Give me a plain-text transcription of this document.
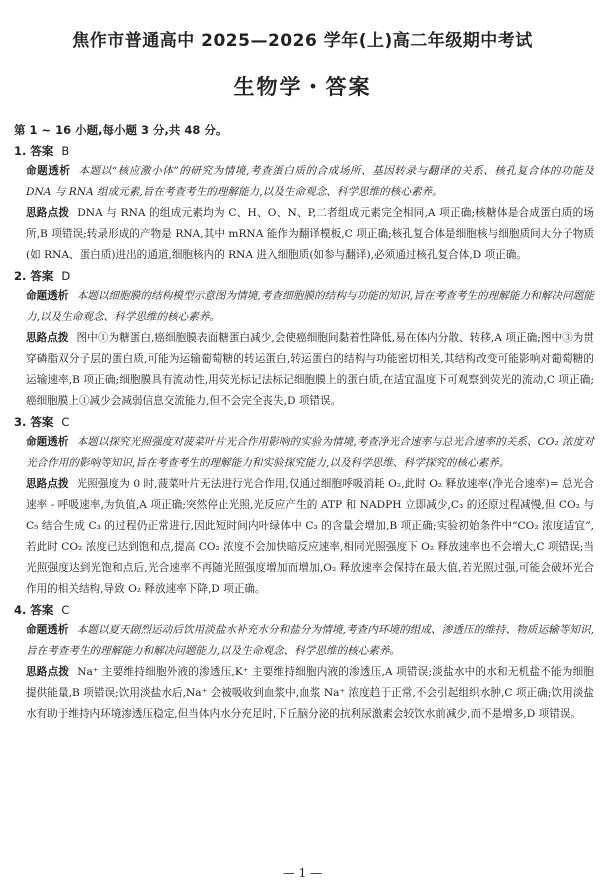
焦作市普通高中 2025—2026 学年(上)高二年级期中考试
生物学・答案
第 1 ~ 16 小题,每小题 3 分,共 48 分。

1. 答案 B

命题透析 本题以“核应激小体”的研究为情境,考查蛋白质的合成场所、基因转录与翻译的关系、核孔复合体的功能及 DNA 与 RNA 组成元素,旨在考查考生的理解能力,以及生命观念、科学思维的核心素养。

思路点拨 DNA 与 RNA 的组成元素均为 C、H、O、N、P,二者组成元素完全相同,A 项正确;核糖体是合成蛋白质的场所,B 项错误;转录形成的产物是 RNA,其中 mRNA 能作为翻译模板,C 项正确;核孔复合体是细胞核与细胞质间大分子物质(如 RNA、蛋白质)进出的通道,细胞核内的 RNA 进入细胞质(如参与翻译),必须通过核孔复合体,D 项正确。

2. 答案 D

命题透析 本题以细胞膜的结构模型示意图为情境,考查细胞膜的结构与功能的知识,旨在考查考生的理解能力和解决问题能力,以及生命观念、科学思维的核心素养。

思路点拨 图中①为糖蛋白,癌细胞膜表面糖蛋白减少,会使癌细胞间黏着性降低,易在体内分散、转移,A 项正确;图中③为贯穿磷脂双分子层的蛋白质,可能为运输葡萄糖的转运蛋白,转运蛋白的结构与功能密切相关,其结构改变可能影响对葡萄糖的运输速率,B 项正确;细胞膜具有流动性,用荧光标记法标记细胞膜上的蛋白质,在适宜温度下可观察到荧光的流动,C 项正确;癌细胞膜上①减少会减弱信息交流能力,但不会完全丧失,D 项错误。

3. 答案 C

命题透析 本题以探究光照强度对菠菜叶片光合作用影响的实验为情境,考查净光合速率与总光合速率的关系、CO₂ 浓度对光合作用的影响等知识,旨在考查考生的理解能力和实验探究能力,以及科学思维、科学探究的核心素养。

思路点拨 光照强度为 0 时,菠菜叶片无法进行光合作用,仅通过细胞呼吸消耗 O₂,此时 O₂ 释放速率(净光合速率)= 总光合速率 - 呼吸速率,为负值,A 项正确;突然停止光照,光反应产生的 ATP 和 NADPH 立即减少,C₃ 的还原过程减慢,但 CO₂ 与 C₅ 结合生成 C₃ 的过程仍正常进行,因此短时间内叶绿体中 C₃ 的含量会增加,B 项正确;实验初始条件中“CO₂ 浓度适宜”,若此时 CO₂ 浓度已达到饱和点,提高 CO₂ 浓度不会加快暗反应速率,相同光照强度下 O₂ 释放速率也不会增大,C 项错误;当光照强度达到光饱和点后,光合速率不再随光照强度增加而增加,O₂ 释放速率会保持在最大值,若光照过强,可能会破坏光合作用的相关结构,导致 O₂ 释放速率下降,D 项正确。

4. 答案 C

命题透析 本题以夏天剧烈运动后饮用淡盐水补充水分和盐分为情境,考查内环境的组成、渗透压的维持、物质运输等知识,旨在考查考生的理解能力和解决问题能力,以及生命观念、科学思维的核心素养。

思路点拨 Na⁺ 主要维持细胞外液的渗透压,K⁺ 主要维持细胞内液的渗透压,A 项错误;淡盐水中的水和无机盐不能为细胞提供能量,B 项错误;饮用淡盐水后,Na⁺ 会被吸收到血浆中,血浆 Na⁺ 浓度趋于正常,不会引起组织水肿,C 项正确;饮用淡盐水有助于维持内环境渗透压稳定,但当体内水分充足时,下丘脑分泌的抗利尿激素会较饮水前减少,而不是增多,D 项错误。

— 1 —
